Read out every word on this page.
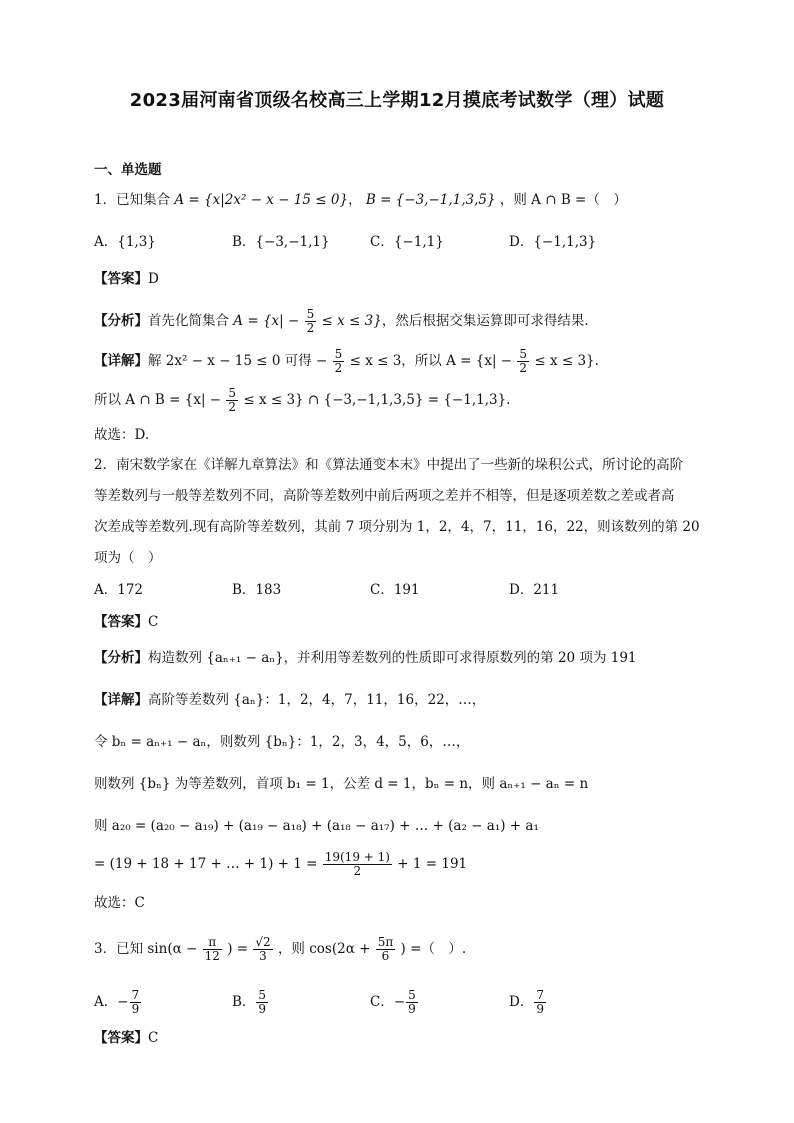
2023届河南省顶级名校高三上学期12月摸底考试数学（理）试题
一、单选题
1．已知集合 A = {x|2x² − x − 15 ≤ 0}， B = {−3,−1,1,3,5} ，则 A ∩ B =（　）
A．{1,3}	B．{−3,−1,1}	C．{−1,1}	D．{−1,1,3}
【答案】D
【分析】首先化简集合 $A = \{x| - \frac{5}{2} \le x \le 3\}$，然后根据交集运算即可求得结果.
【详解】解 2x² − x − 15 ≤ 0 可得 − $\frac{5}{2} \le x \le 3$，所以 $A = \{x| - \frac{5}{2} \le x \le 3\}$.
所以 A ∩ $B = \{x| - \frac{5}{2} \le x \le 3\}$ ∩ {−3,−1,1,3,5} = {−1,1,3}.
故选：D.
2．南宋数学家在《详解九章算法》和《算法通变本末》中提出了一些新的垛积公式，所讨论的高阶
等差数列与一般等差数列不同，高阶等差数列中前后两项之差并不相等，但是逐项差数之差或者高
次差成等差数列.现有高阶等差数列，其前 7 项分别为 1，2，4，7，11，16，22，则该数列的第 20
项为（　）
A．172	B．183	C．191	D．211
【答案】C
【分析】构造数列 {aₙ₊₁ − aₙ}，并利用等差数列的性质即可求得原数列的第 20 项为 191
【详解】高阶等差数列 {aₙ}：1，2，4，7，11，16，22，…，
令 bₙ = aₙ₊₁ − aₙ，则数列 {bₙ}：1，2，3，4，5，6，…，
则数列 {bₙ} 为等差数列，首项 b₁ = 1，公差 d = 1，bₙ = n，则 aₙ₊₁ − aₙ = n
则 a₂₀ = (a₂₀ − a₁₉) + (a₁₉ − a₁₈) + (a₁₈ − a₁₇) + … + (a₂ − a₁) + a₁
= (19 + 18 + 17 + … + $1) + 1 = \frac{19(19 + 1)}{2} + 1 = 191$
故选：C
3．已知 $\sin(\alpha - \frac{\pi}{12}$ ) = $\frac{√2}{3}$ ，则 $\cos(2\alpha + \frac{5\pi}{6}$ ) =（　）.
A．− $\frac{7}{9}$	B． $\frac{5}{9}$	C．− $\frac{5}{9}$	D． $\frac{7}{9}$
【答案】C
